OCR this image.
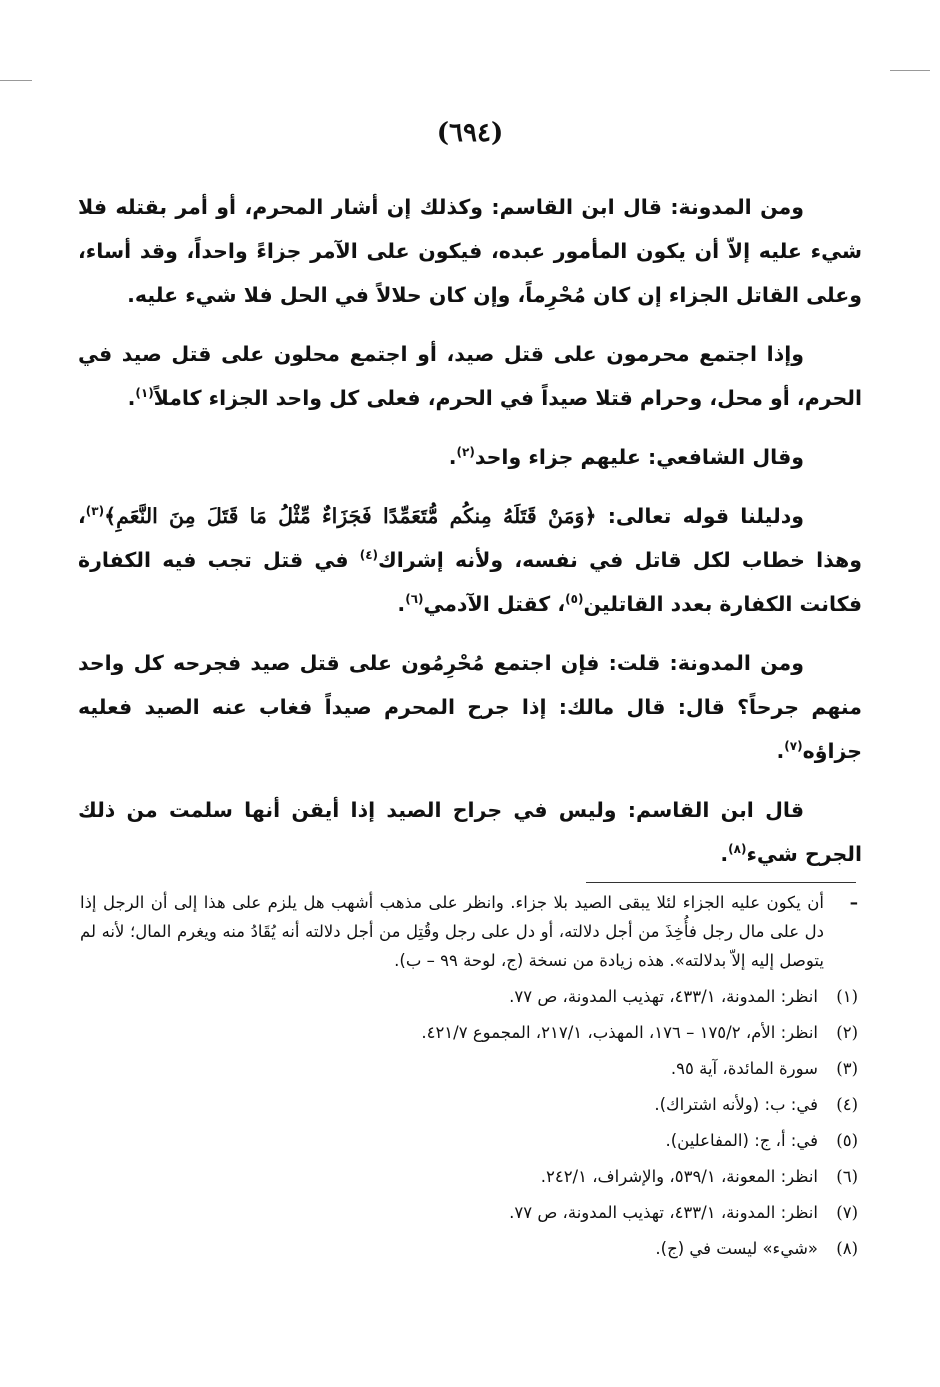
(٦٩٤)

ومن المدونة: قال ابن القاسم: وكذلك إن أشار المحرم، أو أمر بقتله فلا شيء عليه إلاّ أن يكون المأمور عبده، فيكون على الآمر جزاءً واحداً، وقد أساء، وعلى القاتل الجزاء إن كان مُحْرِماً، وإن كان حلالاً في الحل فلا شيء عليه.

وإذا اجتمع محرمون على قتل صيد، أو اجتمع محلون على قتل صيد في الحرم، أو محل، وحرام قتلا صيداً في الحرم، فعلى كل واحد الجزاء كاملاً$^{(١)}$.

وقال الشافعي: عليهم جزاء واحد$^{(٢)}$.

ودليلنا قوله تعالى: ﴿وَمَنْ قَتَلَهُ مِنكُم مُّتَعَمِّدًا فَجَزَاءٌ مِّثْلُ مَا قَتَلَ مِنَ النَّعَمِ﴾$^{(٣)}$، وهذا خطاب لكل قاتل في نفسه، ولأنه إشراك$^{(٤)}$ في قتل تجب فيه الكفارة فكانت الكفارة بعدد القاتلين$^{(٥)}$، كقتل الآدمي$^{(٦)}$.

ومن المدونة: قلت: فإن اجتمع مُحْرِمُون على قتل صيد فجرحه كل واحد منهم جرحاً؟ قال: قال مالك: إذا جرح المحرم صيداً فغاب عنه الصيد فعليه جزاؤه$^{(٧)}$.

قال ابن القاسم: وليس في جراح الصيد إذا أيقن أنها سلمت من ذلك الجرح شيء$^{(٨)}$.

–
أن يكون عليه الجزاء لئلا يبقى الصيد بلا جزاء. وانظر على مذهب أشهب هل يلزم على هذا إلى أن الرجل إذا دل على مال رجل فأُخِذَ من أجل دلالته، أو دل على رجل وقُتِل من أجل دلالته أنه يُقَادُ منه ويغرم المال؛ لأنه لم يتوصل إليه إلاّ بدلالته». هذه زيادة من نسخة (ج، لوحة ٩٩ – ب).
(١)
انظر: المدونة، ٤٣٣/١، تهذيب المدونة، ص ٧٧.
(٢)
انظر: الأم، ١٧٥/٢ – ١٧٦، المهذب، ٢١٧/١، المجموع ٤٢١/٧.
(٣)
سورة المائدة، آية ٩٥.
(٤)
في: ب: (ولأنه اشتراك).
(٥)
في: أ، ج: (المفاعلين).
(٦)
انظر: المعونة، ٥٣٩/١، والإشراف، ٢٤٢/١.
(٧)
انظر: المدونة، ٤٣٣/١، تهذيب المدونة، ص ٧٧.
(٨)
«شيء» ليست في (ج).
